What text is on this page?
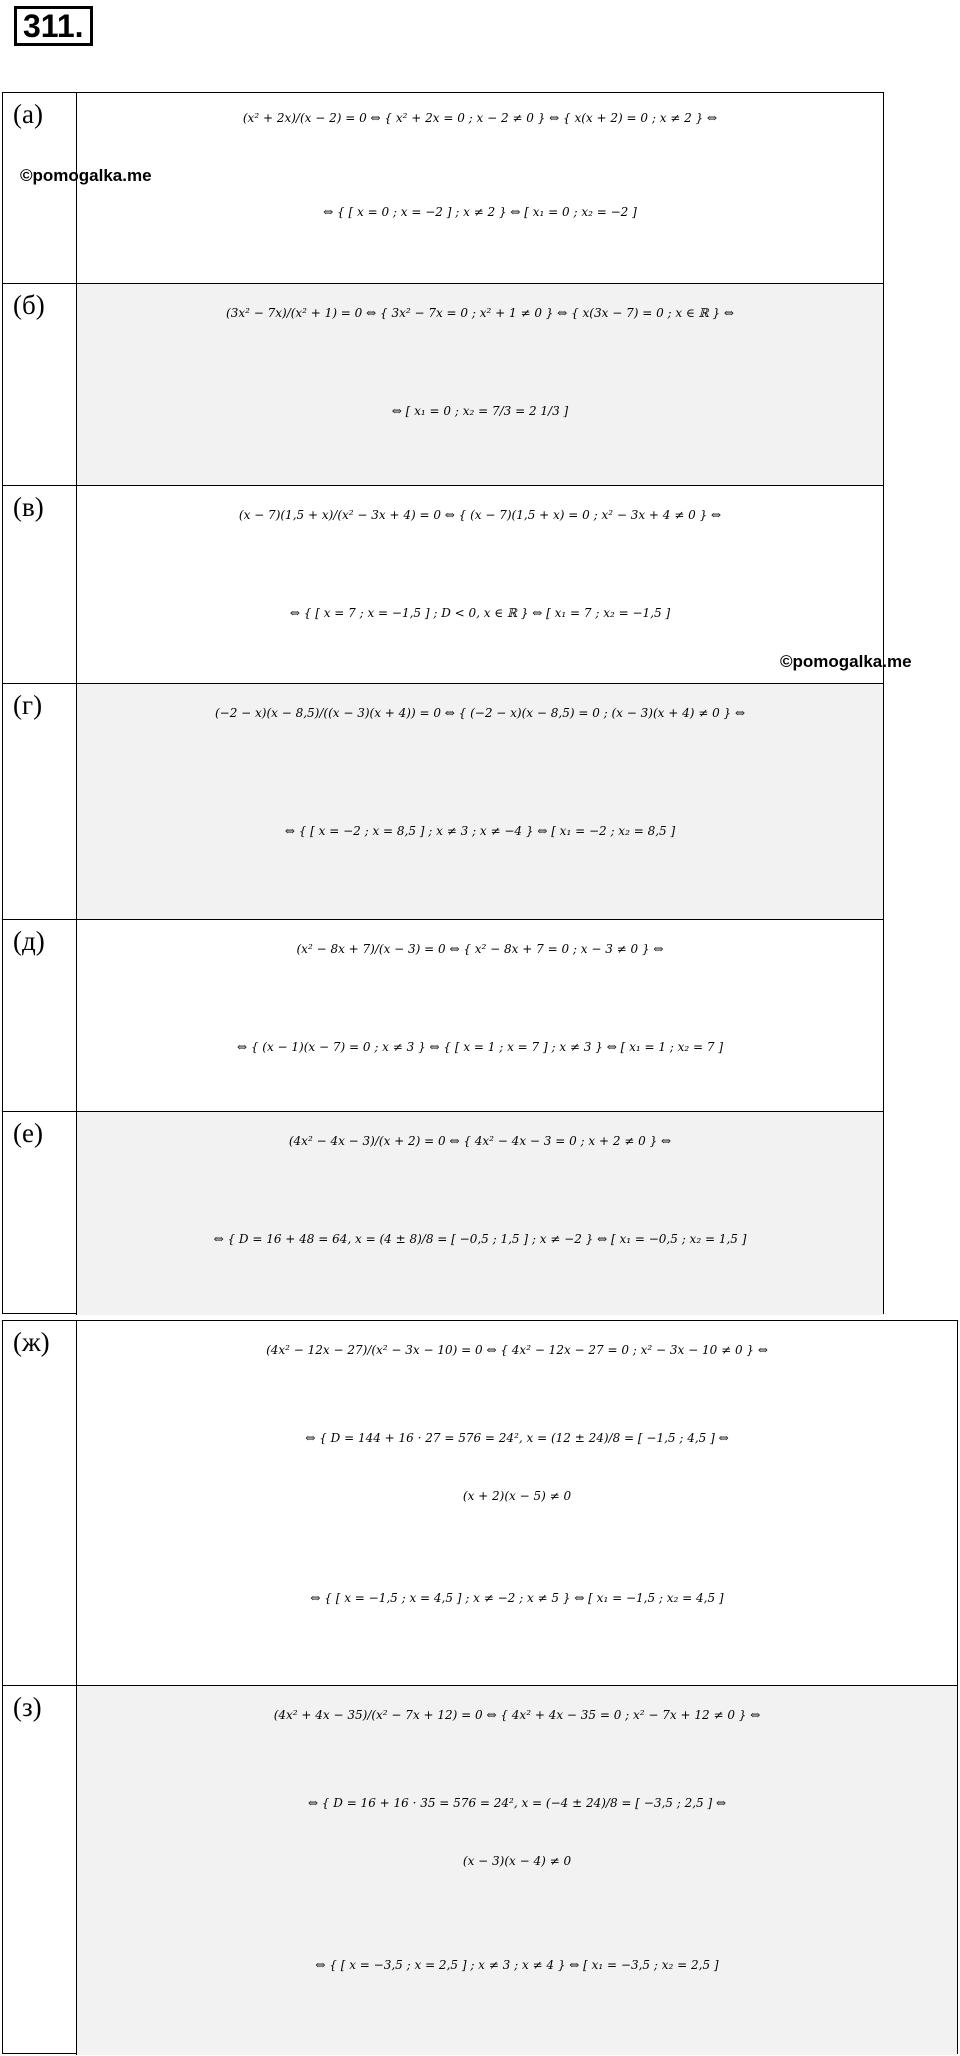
311.
(а)	(x² + 2x)/(x − 2) = 0 ⇔ { x² + 2x = 0 ; x − 2 ≠ 0 } ⇔ { x(x + 2) = 0 ; x ≠ 2 } ⇔
⇔ { [ x = 0 ; x = −2 ] ; x ≠ 2 } ⇔ [ x₁ = 0 ; x₂ = −2 ]
(б)	(3x² − 7x)/(x² + 1) = 0 ⇔ { 3x² − 7x = 0 ; x² + 1 ≠ 0 } ⇔ { x(3x − 7) = 0 ; x ∈ ℝ } ⇔
⇔ [ x₁ = 0 ; x₂ = 7/3 = 2 1/3 ]
(в)	(x − 7)(1,5 + x)/(x² − 3x + 4) = 0 ⇔ { (x − 7)(1,5 + x) = 0 ; x² − 3x + 4 ≠ 0 } ⇔
⇔ { [ x = 7 ; x = −1,5 ] ; D < 0, x ∈ ℝ } ⇔ [ x₁ = 7 ; x₂ = −1,5 ]
(г)	(−2 − x)(x − 8,5)/((x − 3)(x + 4)) = 0 ⇔ { (−2 − x)(x − 8,5) = 0 ; (x − 3)(x + 4) ≠ 0 } ⇔
⇔ { [ x = −2 ; x = 8,5 ] ; x ≠ 3 ; x ≠ −4 } ⇔ [ x₁ = −2 ; x₂ = 8,5 ]
(д)	(x² − 8x + 7)/(x − 3) = 0 ⇔ { x² − 8x + 7 = 0 ; x − 3 ≠ 0 } ⇔
⇔ { (x − 1)(x − 7) = 0 ; x ≠ 3 } ⇔ { [ x = 1 ; x = 7 ] ; x ≠ 3 } ⇔ [ x₁ = 1 ; x₂ = 7 ]
(е)	(4x² − 4x − 3)/(x + 2) = 0 ⇔ { 4x² − 4x − 3 = 0 ; x + 2 ≠ 0 } ⇔
⇔ { D = 16 + 48 = 64, x = (4 ± 8)/8 = [ −0,5 ; 1,5 ] ; x ≠ −2 } ⇔ [ x₁ = −0,5 ; x₂ = 1,5 ]
(ж)	(4x² − 12x − 27)/(x² − 3x − 10) = 0 ⇔ { 4x² − 12x − 27 = 0 ; x² − 3x − 10 ≠ 0 } ⇔
⇔ { D = 144 + 16 · 27 = 576 = 24², x = (12 ± 24)/8 = [ −1,5 ; 4,5 ] ⇔
(x + 2)(x − 5) ≠ 0
⇔ { [ x = −1,5 ; x = 4,5 ] ; x ≠ −2 ; x ≠ 5 } ⇔ [ x₁ = −1,5 ; x₂ = 4,5 ]
(з)	(4x² + 4x − 35)/(x² − 7x + 12) = 0 ⇔ { 4x² + 4x − 35 = 0 ; x² − 7x + 12 ≠ 0 } ⇔
⇔ { D = 16 + 16 · 35 = 576 = 24², x = (−4 ± 24)/8 = [ −3,5 ; 2,5 ] ⇔
(x − 3)(x − 4) ≠ 0
⇔ { [ x = −3,5 ; x = 2,5 ] ; x ≠ 3 ; x ≠ 4 } ⇔ [ x₁ = −3,5 ; x₂ = 2,5 ]
©pomogalka.me
©pomogalka.me
